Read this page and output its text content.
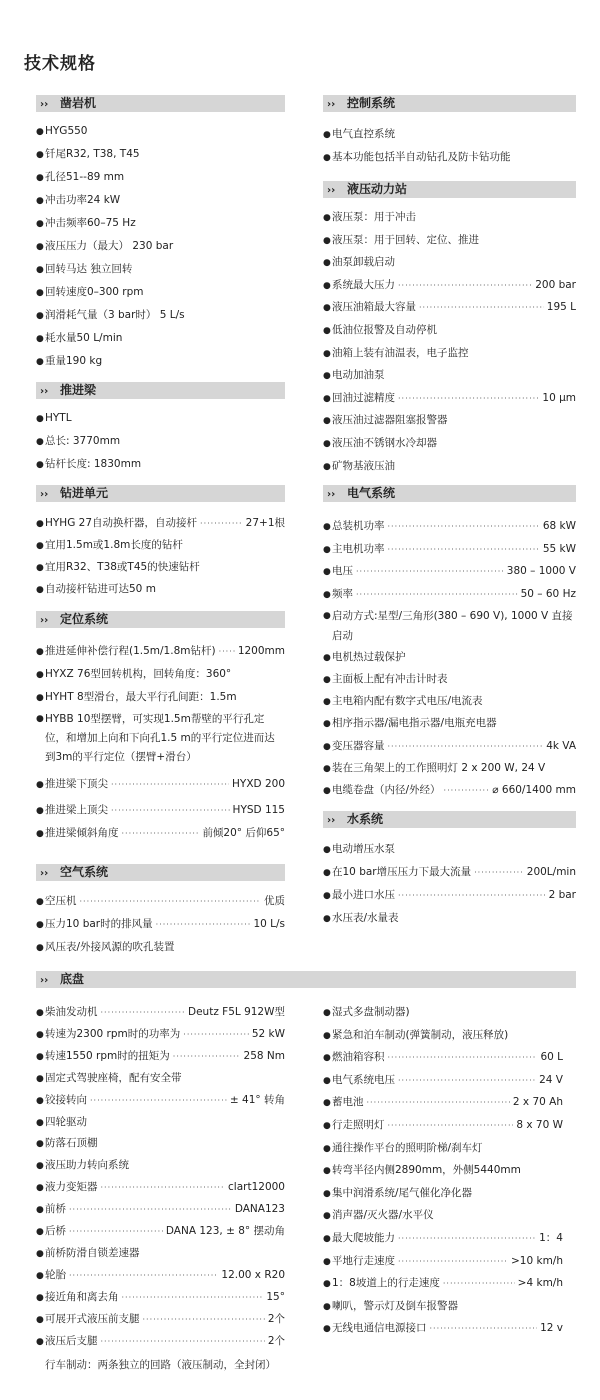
技术规格
›› 凿岩机
›› 推进梁
›› 钻进单元
›› 定位系统
›› 空气系统
● HYG550
● 钎尾R32, T38, T45
● 孔径51--89 mm
● 冲击功率24 kW
● 冲击频率60–75 Hz
● 液压压力（最大） 230 bar
● 回转马达 独立回转
● 回转速度0–300 rpm
● 润滑耗气量（3 bar时） 5 L/s
● 耗水量50 L/min
● 重量190 kg
● HYTL
● 总长: 3770mm
● 钻杆长度: 1830mm
● HYHG 27自动换杆器，自动接杆 ·····	27+1根
● 宜用1.5m或1.8m长度的钻杆
● 宜用R32、T38或T45的快速钻杆
● 自动接杆钻进可达50 m
● 推进延伸补偿行程(1.5m/1.8m钻杆) ····· 1200mm
● HYXZ 76型回转机构，回转角度：360°
● HYHT 8型滑台，最大平行孔间距：1.5m
● HYBB 10型摆臂，可实现1.5m帮壁的平行孔定位，和增加上向和下向孔1.5 m的平行定位进而达到3m的平行定位（摆臂+滑台）
● 推进梁下顶尖 ·····	HYXD 200
● 推进梁上顶尖 ·····	HYSD 115
● 推进梁倾斜角度 ·····	前倾20° 后仰65°
● 空压机 ·····	优质
● 压力10 bar时的排风量 ·····	10 L/s
● 风压表/外接风源的吹孔装置
›› 控制系统
›› 液压动力站
›› 电气系统
›› 水系统
● 电气直控系统
● 基本功能包括半自动钻孔及防卡钻功能
● 液压泵：用于冲击
● 液压泵：用于回转、定位、推进
● 油泵卸载启动
● 系统最大压力 ·····	200 bar
● 液压油箱最大容量 ·····	195 L
● 低油位报警及自动停机
● 油箱上装有油温表，电子监控
● 电动加油泵
● 回油过滤精度 ·····	10 μm
● 液压油过滤器阻塞报警器
● 液压油不锈钢水冷却器
● 矿物基液压油
● 总装机功率 ·····	68 kW
● 主电机功率 ·····	55 kW
● 电压 ·····	380 – 1000 V
● 频率 ·····	50 – 60 Hz
● 启动方式:星型/三角形(380 – 690 V), 1000 V 直接启动
● 电机热过载保护
● 主面板上配有冲击计时表
● 主电箱内配有数字式电压/电流表
● 相序指示器/漏电指示器/电瓶充电器
● 变压器容量 ·····	4k VA
● 装在三角架上的工作照明灯 2 x 200 W, 24 V
● 电缆卷盘（内径/外经） ·····	⌀ 660/1400 mm
● 电动增压水泵
● 在10 bar增压压力下最大流量 ·····	200L/min
● 最小进口水压 ·····	2 bar
● 水压表/水量表
›› 底盘
● 柴油发动机 ·····	Deutz F5L 912W型
● 转速为2300 rpm时的功率为 ·····	52 kW
● 转速1550 rpm时的扭矩为 ·····	258 Nm
● 固定式驾驶座椅，配有安全带
● 铰接转向 ·····	± 41° 转角
● 四轮驱动
● 防落石顶棚
● 液压助力转向系统
● 液力变矩器 ·····	clart12000
● 前桥 ·····	DANA123
● 后桥 ·····	DANA 123, ± 8° 摆动角
● 前桥防滑自锁差速器
● 轮胎 ·····	12.00 x R20
● 接近角和离去角 ·····	15°
● 可展开式液压前支腿 ·····	2个
● 液压后支腿 ·····	2个
行车制动：两条独立的回路（液压制动，全封闭）
● 湿式多盘制动器)
● 紧急和泊车制动(弹簧制动，液压释放)
● 燃油箱容积 ·····	60 L
● 电气系统电压 ·····	24 V
● 蓄电池 ·····	2 x 70 Ah
● 行走照明灯 ·····	8 x 70 W
● 通往操作平台的照明阶梯/刹车灯
● 转弯半径内侧2890mm，外侧5440mm
● 集中润滑系统/尾气催化净化器
● 消声器/灭火器/水平仪
● 最大爬坡能力 ·····	1：4
● 平地行走速度 ·····	>10 km/h
● 1：8坡道上的行走速度 ·····	>4 km/h
● 喇叭，警示灯及倒车报警器
● 无线电通信电源接口 ·····	12 v
